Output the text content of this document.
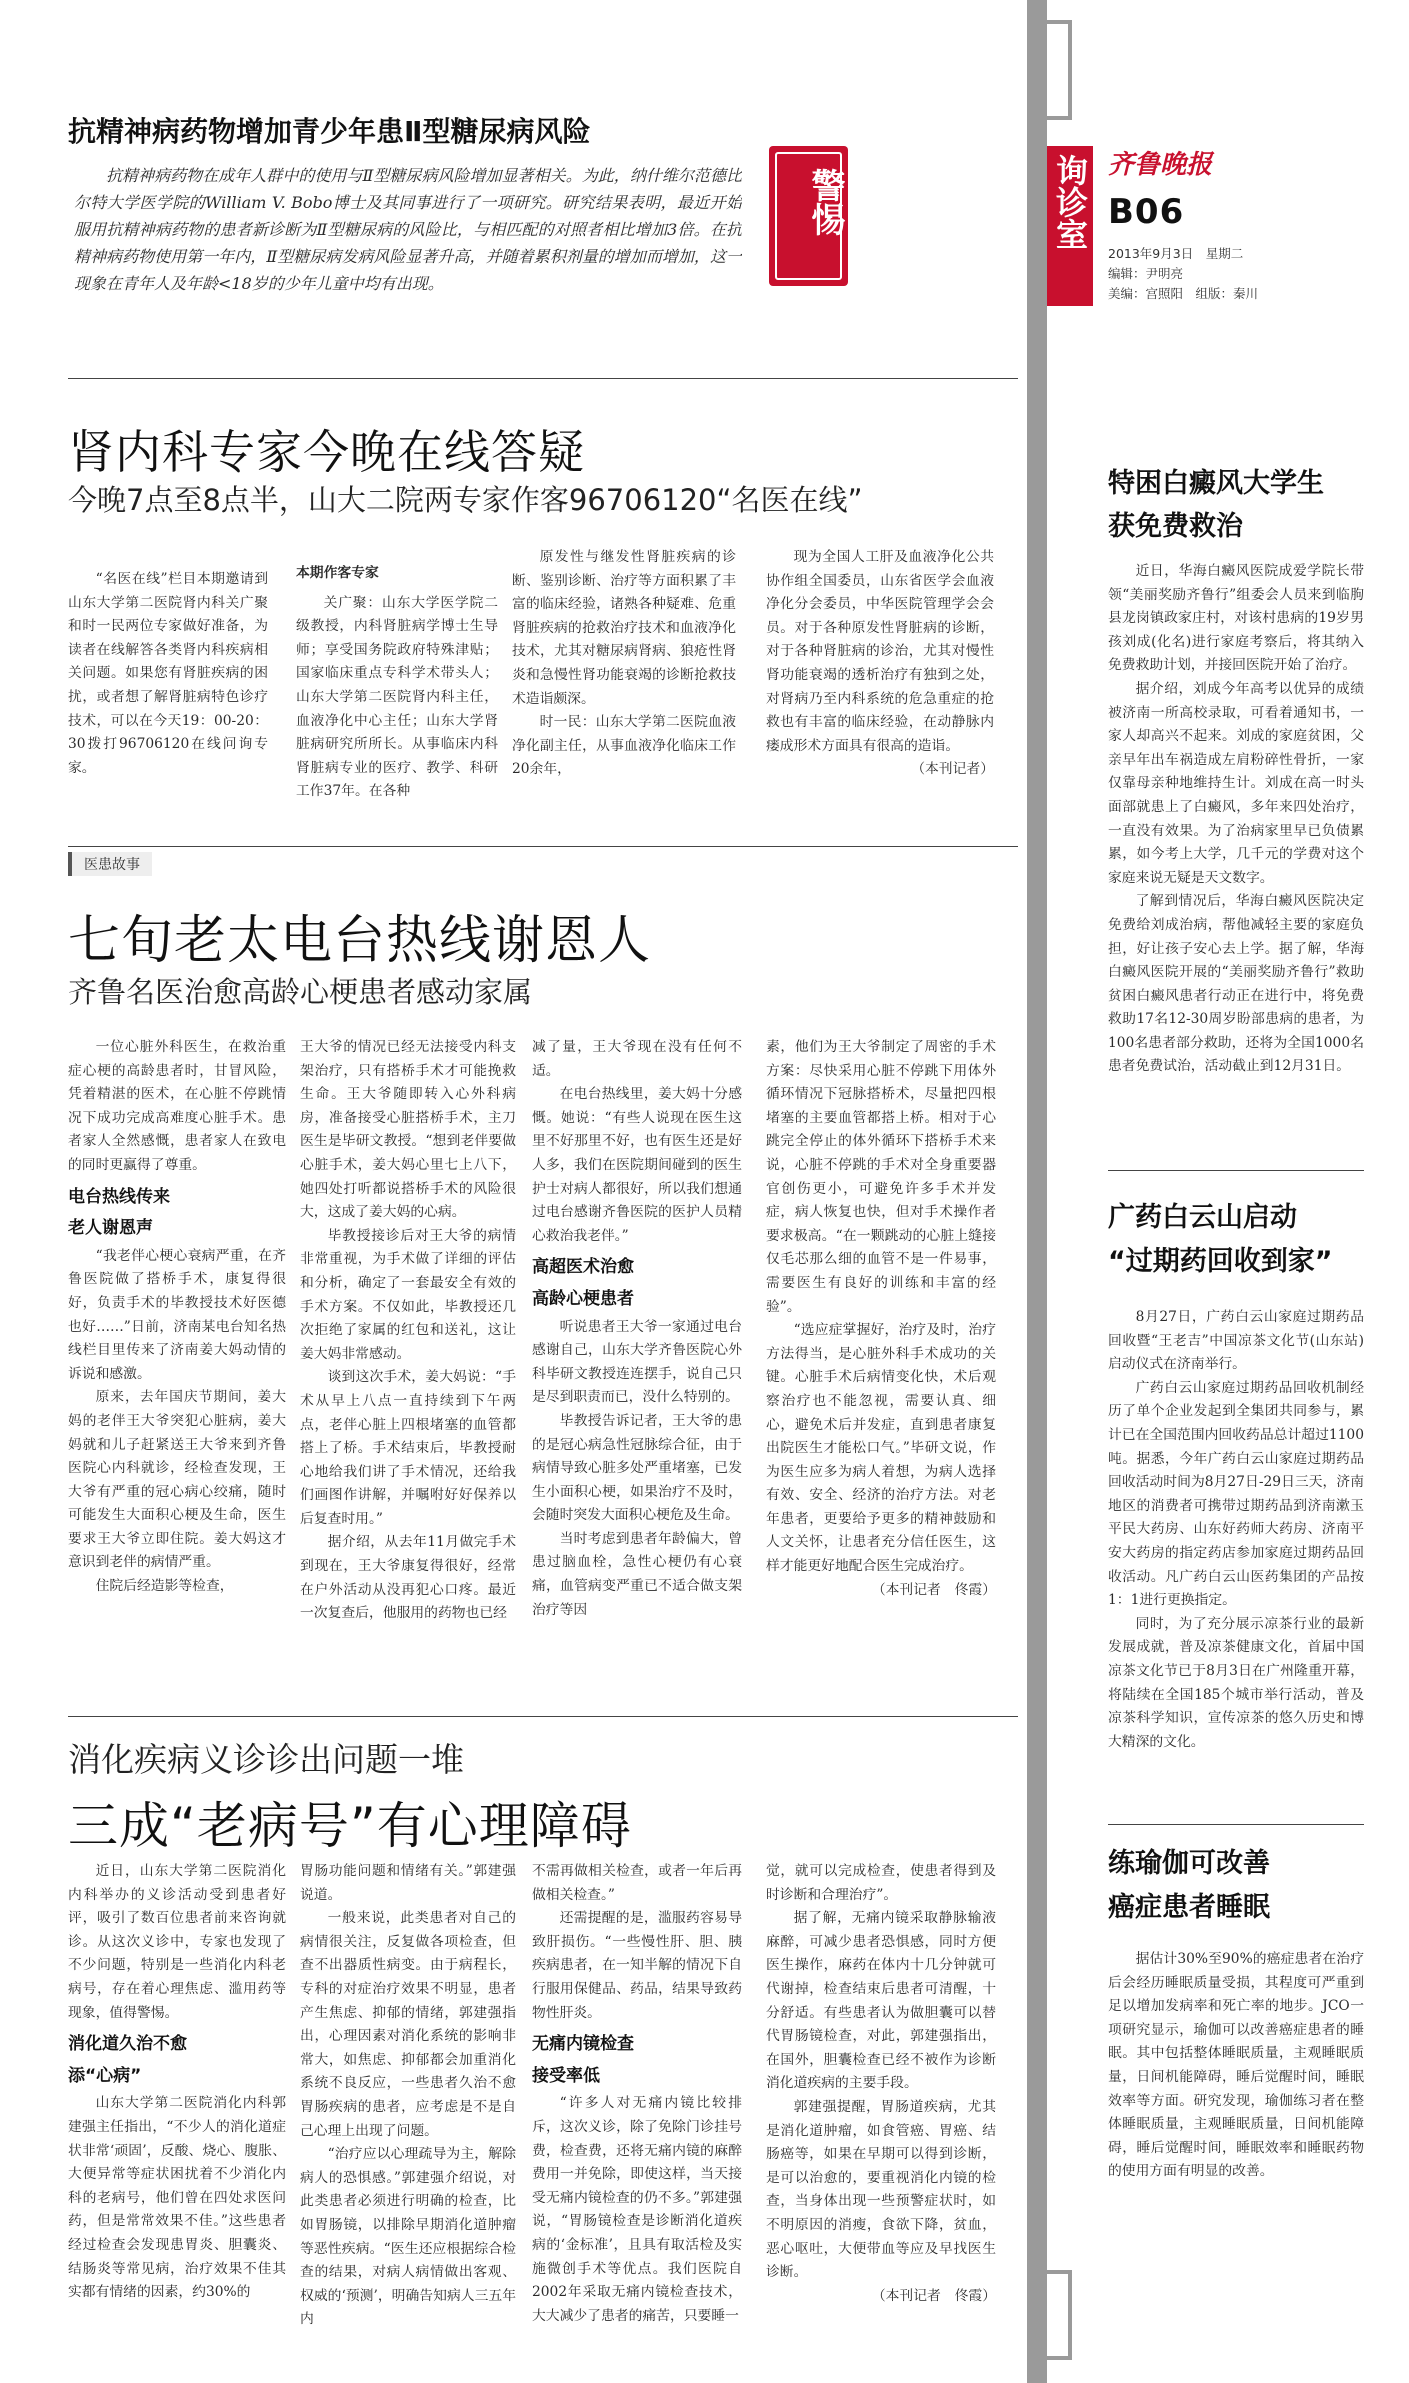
警惕	询诊室 齐鲁晚报
B06
2013年9月3日　星期二
编辑：尹明亮
美编：宫照阳　组版：秦川
抗精神病药物增加青少年患Ⅱ型糖尿病风险

抗精神病药物在成年人群中的使用与Ⅱ型糖尿病风险增加显著相关。为此，纳什维尔范德比尔特大学医学院的William V. Bobo博士及其同事进行了一项研究。研究结果表明，最近开始服用抗精神病药物的患者新诊断为Ⅱ型糖尿病的风险比，与相匹配的对照者相比增加3倍。在抗精神病药物使用第一年内，Ⅱ型糖尿病发病风险显著升高，并随着累积剂量的增加而增加，这一现象在青年人及年龄<18岁的少年儿童中均有出现。

肾内科专家今晚在线答疑
今晚7点至8点半，山大二院两专家作客96706120“名医在线”

“名医在线”栏目本期邀请到山东大学第二医院肾内科关广聚和时一民两位专家做好准备，为读者在线解答各类肾内科疾病相关问题。如果您有肾脏疾病的困扰，或者想了解肾脏病特色诊疗技术，可以在今天19：00-20：30拨打96706120在线问询专家。

本期作客专家

关广聚：山东大学医学院二级教授，内科肾脏病学博士生导师；享受国务院政府特殊津贴；国家临床重点专科学术带头人；山东大学第二医院肾内科主任，血液净化中心主任；山东大学肾脏病研究所所长。从事临床内科肾脏病专业的医疗、教学、科研工作37年。在各种

原发性与继发性肾脏疾病的诊断、鉴别诊断、治疗等方面积累了丰富的临床经验，诸熟各种疑难、危重肾脏疾病的抢救治疗技术和血液净化技术，尤其对糖尿病肾病、狼疮性肾炎和急慢性肾功能衰竭的诊断抢救技术造诣颇深。

时一民：山东大学第二医院血液净化副主任，从事血液净化临床工作20余年，

现为全国人工肝及血液净化公共协作组全国委员，山东省医学会血液净化分会委员，中华医院管理学会会员。对于各种原发性肾脏病的诊断，对于各种肾脏病的诊治，尤其对慢性肾功能衰竭的透析治疗有独到之处，对肾病乃至内科系统的危急重症的抢救也有丰富的临床经验，在动静脉内瘘成形术方面具有很高的造诣。

（本刊记者）
医患故事
七旬老太电台热线谢恩人
齐鲁名医治愈高龄心梗患者感动家属

一位心脏外科医生，在救治重症心梗的高龄患者时，甘冒风险，凭着精湛的医术，在心脏不停跳情况下成功完成高难度心脏手术。患者家人全然感慨，患者家人在致电的同时更赢得了尊重。

电台热线传来
老人谢恩声

“我老伴心梗心衰病严重，在齐鲁医院做了搭桥手术，康复得很好，负责手术的毕教授技术好医德也好……”日前，济南某电台知名热线栏目里传来了济南姜大妈动情的诉说和感激。

原来，去年国庆节期间，姜大妈的老伴王大爷突犯心脏病，姜大妈就和儿子赶紧送王大爷来到齐鲁医院心内科就诊，经检查发现，王大爷有严重的冠心病心绞痛，随时可能发生大面积心梗及生命，医生要求王大爷立即住院。姜大妈这才意识到老伴的病情严重。

住院后经造影等检查，

王大爷的情况已经无法接受内科支架治疗，只有搭桥手术才可能挽救生命。王大爷随即转入心外科病房，准备接受心脏搭桥手术，主刀医生是毕研文教授。“想到老伴要做心脏手术，姜大妈心里七上八下，她四处打听都说搭桥手术的风险很大，这成了姜大妈的心病。

毕教授接诊后对王大爷的病情非常重视，为手术做了详细的评估和分析，确定了一套最安全有效的手术方案。不仅如此，毕教授还几次拒绝了家属的红包和送礼，这让姜大妈非常感动。

谈到这次手术，姜大妈说：“手术从早上八点一直持续到下午两点，老伴心脏上四根堵塞的血管都搭上了桥。手术结束后，毕教授耐心地给我们讲了手术情况，还给我们画图作讲解，并嘱咐好好保养以后复查时用。”

据介绍，从去年11月做完手术到现在，王大爷康复得很好，经常在户外活动从没再犯心口疼。最近一次复查后，他服用的药物也已经

减了量，王大爷现在没有任何不适。

在电台热线里，姜大妈十分感慨。她说：“有些人说现在医生这里不好那里不好，也有医生还是好人多，我们在医院期间碰到的医生护士对病人都很好，所以我们想通过电台感谢齐鲁医院的医护人员精心救治我老伴。”

高超医术治愈
高龄心梗患者

听说患者王大爷一家通过电台感谢自己，山东大学齐鲁医院心外科毕研文教授连连摆手，说自己只是尽到职责而已，没什么特别的。

毕教授告诉记者，王大爷的患的是冠心病急性冠脉综合征，由于病情导致心脏多处严重堵塞，已发生小面积心梗，如果治疗不及时，会随时突发大面积心梗危及生命。

当时考虑到患者年龄偏大，曾患过脑血栓，急性心梗仍有心衰痛，血管病变严重已不适合做支架治疗等因

素，他们为王大爷制定了周密的手术方案：尽快采用心脏不停跳下用体外循环情况下冠脉搭桥术，尽量把四根堵塞的主要血管都搭上桥。相对于心跳完全停止的体外循环下搭桥手术来说，心脏不停跳的手术对全身重要器官创伤更小，可避免许多手术并发症，病人恢复也快，但对手术操作者要求极高。“在一颗跳动的心脏上缝接仅毛芯那么细的血管不是一件易事，需要医生有良好的训练和丰富的经验”。

“选应症掌握好，治疗及时，治疗方法得当，是心脏外科手术成功的关键。心脏手术后病情变化快，术后观察治疗也不能忽视，需要认真、细心，避免术后并发症，直到患者康复出院医生才能松口气。”毕研文说，作为医生应多为病人着想，为病人选择有效、安全、经济的治疗方法。对老年患者，更要给予更多的精神鼓励和人文关怀，让患者充分信任医生，这样才能更好地配合医生完成治疗。

（本刊记者　佟霞）
消化疾病义诊诊出问题一堆
三成“老病号”有心理障碍

近日，山东大学第二医院消化内科举办的义诊活动受到患者好评，吸引了数百位患者前来咨询就诊。从这次义诊中，专家也发现了不少问题，特别是一些消化内科老病号，存在着心理焦虑、滥用药等现象，值得警惕。

消化道久治不愈
添“心病”

山东大学第二医院消化内科郭建强主任指出，“不少人的消化道症状非常‘顽固’，反酸、烧心、腹胀、大便异常等症状困扰着不少消化内科的老病号，他们曾在四处求医问药，但是常常效果不佳。”这些患者经过检查会发现患胃炎、胆囊炎、结肠炎等常见病，治疗效果不佳其实都有情绪的因素，约30%的

胃肠功能问题和情绪有关。”郭建强说道。

一般来说，此类患者对自己的病情很关注，反复做各项检查，但查不出器质性病变。由于病程长，专科的对症治疗效果不明显，患者产生焦虑、抑郁的情绪，郭建强指出，心理因素对消化系统的影响非常大，如焦虑、抑郁都会加重消化系统不良反应，一些患者久治不愈胃肠疾病的患者，应考虑是不是自己心理上出现了问题。

“治疗应以心理疏导为主，解除病人的恐惧感。”郭建强介绍说，对此类患者必须进行明确的检查，比如胃肠镜，以排除早期消化道肿瘤等恶性疾病。“医生还应根据综合检查的结果，对病人病情做出客观、权威的‘预测’，明确告知病人三五年内

不需再做相关检查，或者一年后再做相关检查。”

还需提醒的是，滥服药容易导致肝损伤。“一些慢性肝、胆、胰疾病患者，在一知半解的情况下自行服用保健品、药品，结果导致药物性肝炎。

无痛内镜检查
接受率低

“许多人对无痛内镜比较排斥，这次义诊，除了免除门诊挂号费，检查费，还将无痛内镜的麻醉费用一并免除，即使这样，当天接受无痛内镜检查的仍不多。”郭建强说，“胃肠镜检查是诊断消化道疾病的‘金标准’，且具有取活检及实施微创手术等优点。我们医院自2002年采取无痛内镜检查技术，大大减少了患者的痛苦，只要睡一

觉，就可以完成检查，使患者得到及时诊断和合理治疗”。

据了解，无痛内镜采取静脉输液麻醉，可减少患者恐惧感，同时方便医生操作，麻药在体内十几分钟就可代谢掉，检查结束后患者可清醒，十分舒适。有些患者认为做胆囊可以替代胃肠镜检查，对此，郭建强指出，在国外，胆囊检查已经不被作为诊断消化道疾病的主要手段。

郭建强提醒，胃肠道疾病，尤其是消化道肿瘤，如食管癌、胃癌、结肠癌等，如果在早期可以得到诊断，是可以治愈的，要重视消化内镜的检查，当身体出现一些预警症状时，如不明原因的消瘦，食欲下降，贫血，恶心呕吐，大便带血等应及早找医生诊断。

（本刊记者　佟霞）
特困白癜风大学生
获免费救治

近日，华海白癜风医院成爱学院长带领“美丽奖励齐鲁行”组委会人员来到临朐县龙岗镇政家庄村，对该村患病的19岁男孩刘成(化名)进行家庭考察后，将其纳入免费救助计划，并接回医院开始了治疗。

据介绍，刘成今年高考以优异的成绩被济南一所高校录取，可看着通知书，一家人却高兴不起来。刘成的家庭贫困，父亲早年出车祸造成左肩粉碎性骨折，一家仅靠母亲种地维持生计。刘成在高一时头面部就患上了白癜风，多年来四处治疗，一直没有效果。为了治病家里早已负债累累，如今考上大学，几千元的学费对这个家庭来说无疑是天文数字。

了解到情况后，华海白癜风医院决定免费给刘成治病，帮他减轻主要的家庭负担，好让孩子安心去上学。据了解，华海白癜风医院开展的“美丽奖励齐鲁行”救助贫困白癜风患者行动正在进行中，将免费救助17名12-30周岁盼部患病的患者，为100名患者部分救助，还将为全国1000名患者免费试治，活动截止到12月31日。

广药白云山启动
“过期药回收到家”

8月27日，广药白云山家庭过期药品回收暨“王老吉”中国凉茶文化节(山东站)启动仪式在济南举行。

广药白云山家庭过期药品回收机制经历了单个企业发起到全集团共同参与，累计已在全国范围内回收药品总计超过1100吨。据悉，今年广药白云山家庭过期药品回收活动时间为8月27日-29日三天，济南地区的消费者可携带过期药品到济南漱玉平民大药房、山东好药师大药房、济南平安大药房的指定药店参加家庭过期药品回收活动。凡广药白云山医药集团的产品按1：1进行更换指定。

同时，为了充分展示凉茶行业的最新发展成就，普及凉茶健康文化，首届中国凉茶文化节已于8月3日在广州隆重开幕，将陆续在全国185个城市举行活动，普及凉茶科学知识，宣传凉茶的悠久历史和博大精深的文化。

练瑜伽可改善
癌症患者睡眠

据估计30%至90%的癌症患者在治疗后会经历睡眠质量受损，其程度可严重到足以增加发病率和死亡率的地步。JCO一项研究显示，瑜伽可以改善癌症患者的睡眠。其中包括整体睡眠质量，主观睡眠质量，日间机能障碍，睡后觉醒时间，睡眠效率等方面。研究发现，瑜伽练习者在整体睡眠质量，主观睡眠质量，日间机能障碍，睡后觉醒时间，睡眠效率和睡眠药物的使用方面有明显的改善。
